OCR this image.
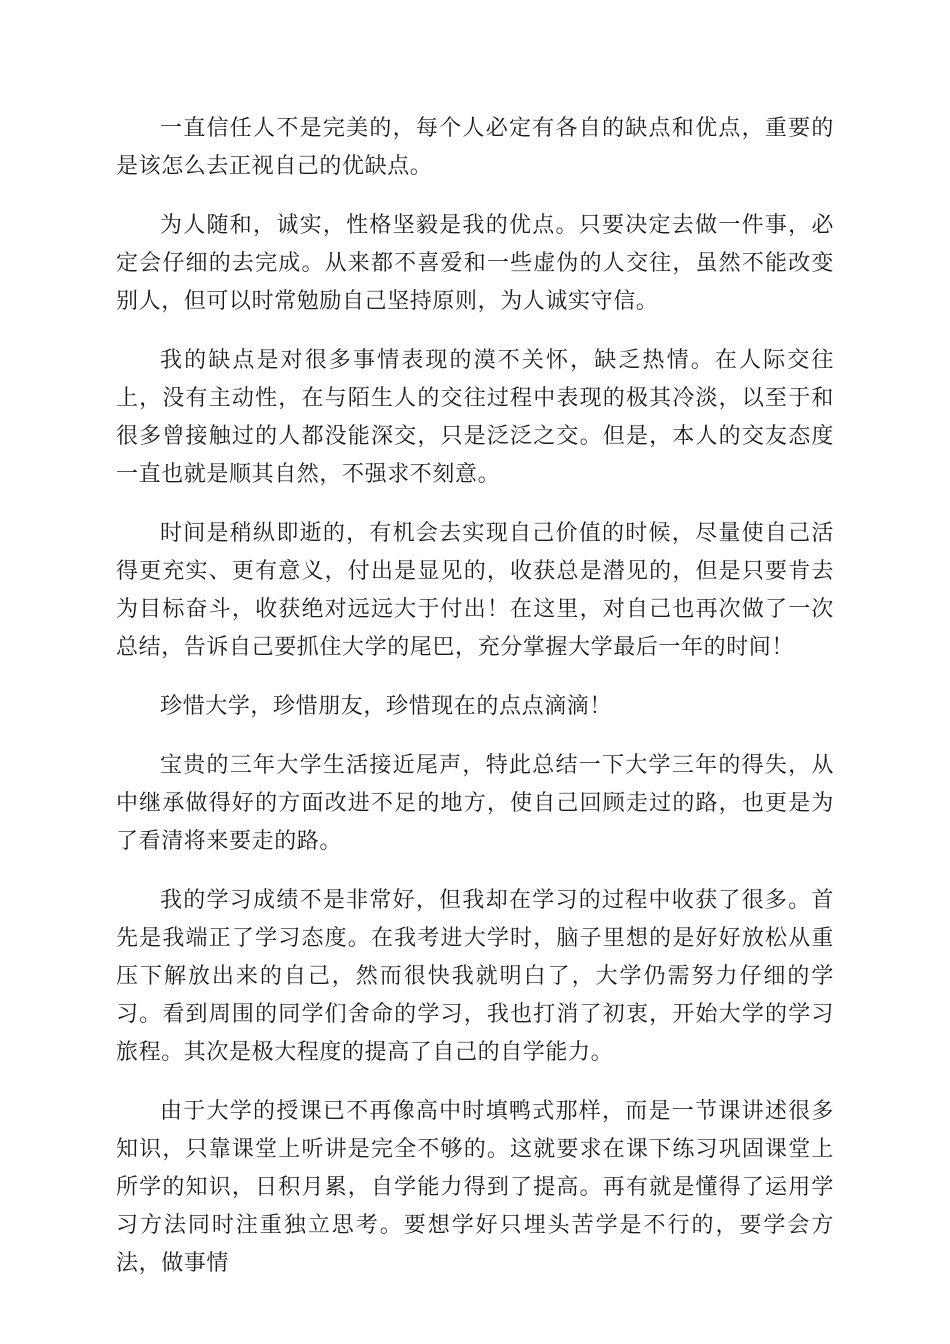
一直信任人不是完美的，每个人必定有各自的缺点和优点，重要的是该怎么去正视自己的优缺点。

为人随和，诚实，性格坚毅是我的优点。只要决定去做一件事，必定会仔细的去完成。从来都不喜爱和一些虚伪的人交往，虽然不能改变别人，但可以时常勉励自己坚持原则，为人诚实守信。

我的缺点是对很多事情表现的漠不关怀，缺乏热情。在人际交往上，没有主动性，在与陌生人的交往过程中表现的极其冷淡，以至于和很多曾接触过的人都没能深交，只是泛泛之交。但是，本人的交友态度一直也就是顺其自然，不强求不刻意。

时间是稍纵即逝的，有机会去实现自己价值的时候，尽量使自己活得更充实、更有意义，付出是显见的，收获总是潜见的，但是只要肯去为目标奋斗，收获绝对远远大于付出！在这里，对自己也再次做了一次总结，告诉自己要抓住大学的尾巴，充分掌握大学最后一年的时间！

珍惜大学，珍惜朋友，珍惜现在的点点滴滴！

宝贵的三年大学生活接近尾声，特此总结一下大学三年的得失，从中继承做得好的方面改进不足的地方，使自己回顾走过的路，也更是为了看清将来要走的路。

我的学习成绩不是非常好，但我却在学习的过程中收获了很多。首先是我端正了学习态度。在我考进大学时，脑子里想的是好好放松从重压下解放出来的自己，然而很快我就明白了，大学仍需努力仔细的学习。看到周围的同学们舍命的学习，我也打消了初衷，开始大学的学习旅程。其次是极大程度的提高了自己的自学能力。

由于大学的授课已不再像高中时填鸭式那样，而是一节课讲述很多知识，只靠课堂上听讲是完全不够的。这就要求在课下练习巩固课堂上所学的知识，日积月累，自学能力得到了提高。再有就是懂得了运用学习方法同时注重独立思考。要想学好只埋头苦学是不行的，要学会方法，做事情
